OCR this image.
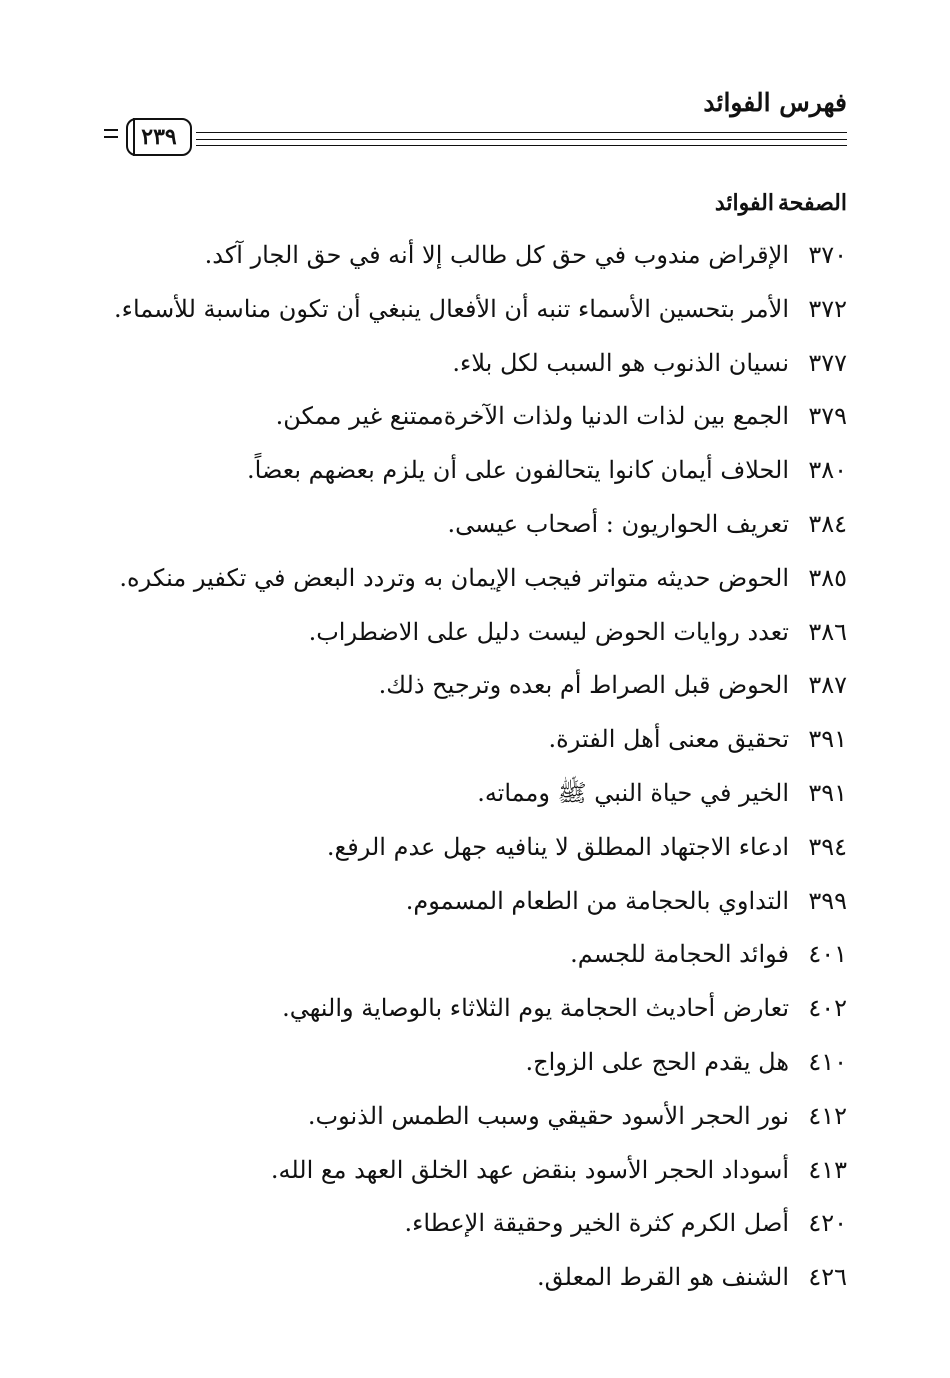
فهرس الفوائد
٢٣٩
الصفحةالفوائد
٣٧٠
الإقراض مندوب في حق كل طالب إلا أنه في حق الجار آكد.
٣٧٢
الأمر بتحسين الأسماء تنبه أن الأفعال ينبغي أن تكون مناسبة للأسماء.
٣٧٧
نسيان الذنوب هو السبب لكل بلاء.
٣٧٩
الجمع بين لذات الدنيا ولذات الآخرةممتنع غير ممكن.
٣٨٠
الحلاف أيمان كانوا يتحالفون على أن يلزم بعضهم بعضاً.
٣٨٤
تعريف الحواريون : أصحاب عيسى.
٣٨٥
الحوض حديثه متواتر فيجب الإيمان به وتردد البعض في تكفير منكره.
٣٨٦
تعدد روايات الحوض ليست دليل على الاضطراب.
٣٨٧
الحوض قبل الصراط أم بعده وترجيح ذلك.
٣٩١
تحقيق معنى أهل الفترة.
٣٩١
الخير في حياة النبي ﷺ ومماته.
٣٩٤
ادعاء الاجتهاد المطلق لا ينافيه جهل عدم الرفع.
٣٩٩
التداوي بالحجامة من الطعام المسموم.
٤٠١
فوائد الحجامة للجسم.
٤٠٢
تعارض أحاديث الحجامة يوم الثلاثاء بالوصاية والنهي.
٤١٠
هل يقدم الحج على الزواج.
٤١٢
نور الحجر الأسود حقيقي وسبب الطمس الذنوب.
٤١٣
أسوداد الحجر الأسود بنقض عهد الخلق العهد مع الله.
٤٢٠
أصل الكرم كثرة الخير وحقيقة الإعطاء.
٤٢٦
الشنف هو القرط المعلق.
